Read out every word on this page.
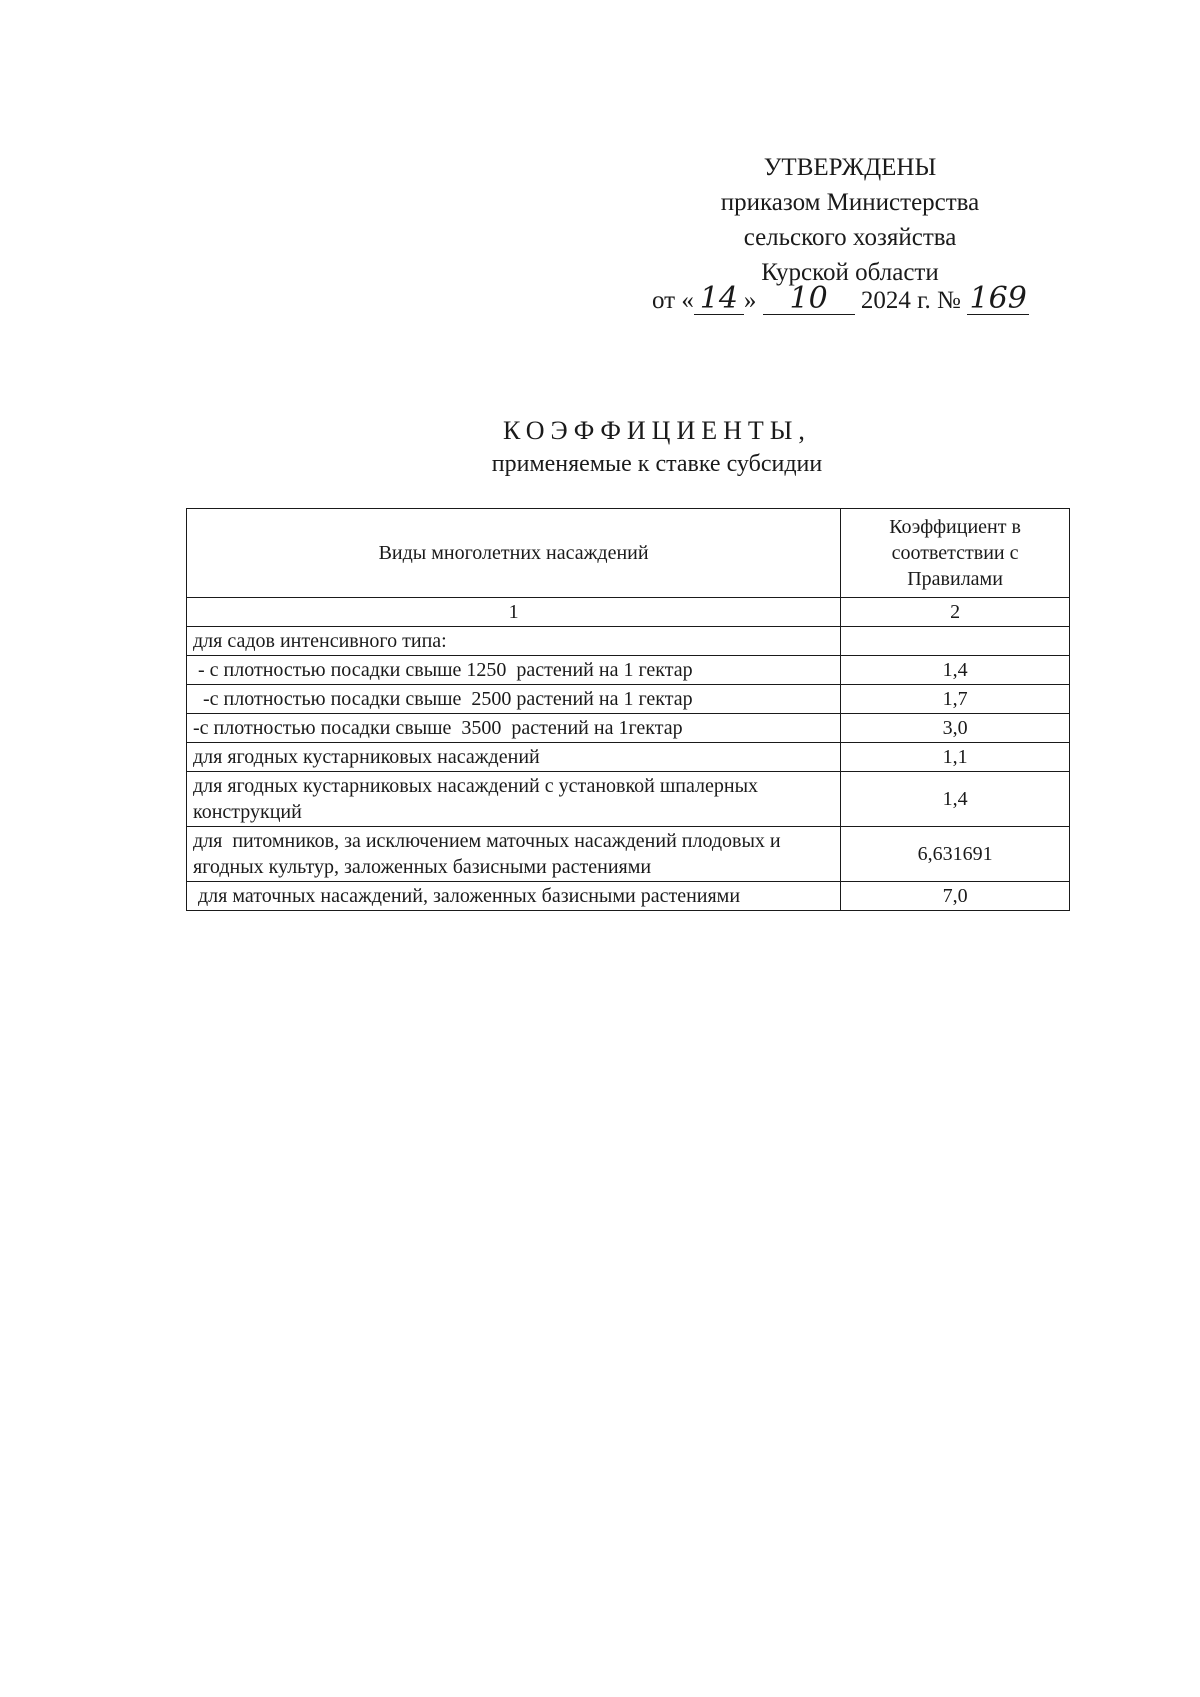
УТВЕРЖДЕНЫ
приказом Министерства
сельского хозяйства
Курской области
от « 14 » 10 2024 г. № 169
КОЭФФИЦИЕНТЫ,
применяемые к ставке субсидии
Виды многолетних насаждений	Коэффициент в соответствии с Правилами
1	2
для садов интенсивного типа:	
- с плотностью посадки свыше 1250  растений на 1 гектар	1,4
-с плотностью посадки свыше  2500 растений на 1 гектар	1,7
-с плотностью посадки свыше  3500  растений на 1гектар	3,0
для ягодных кустарниковых насаждений	1,1
для ягодных кустарниковых насаждений с установкой шпалерных конструкций	1,4
для  питомников, за исключением маточных насаждений плодовых и ягодных культур, заложенных базисными растениями	6,631691
для маточных насаждений, заложенных базисными растениями	7,0
